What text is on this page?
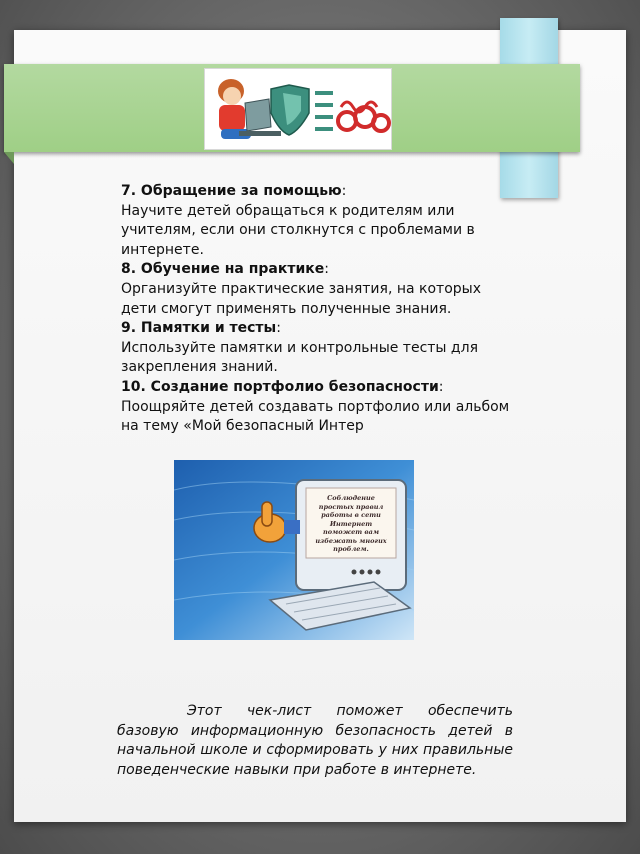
7. Обращение за помощью:

Научите детей обращаться к родителям или учителям, если они столкнутся с проблемами в интернете.

8. Обучение на практике:

Организуйте практические занятия, на которых дети смогут применять полученные знания.

9. Памятки и тесты:

Используйте памятки и контрольные тесты для закрепления знаний.

10. Создание портфолио безопасности:

Поощряйте детей создавать портфолио или альбом на тему «Мой безопасный Интер

Соблюдение простых правил работы в сети Интернет поможет вам избежать многих проблем.
Этот чек-лист поможет обеспечить базовую информационную безопасность детей в начальной школе и сформировать у них правильные поведенческие навыки при работе в интернете.
